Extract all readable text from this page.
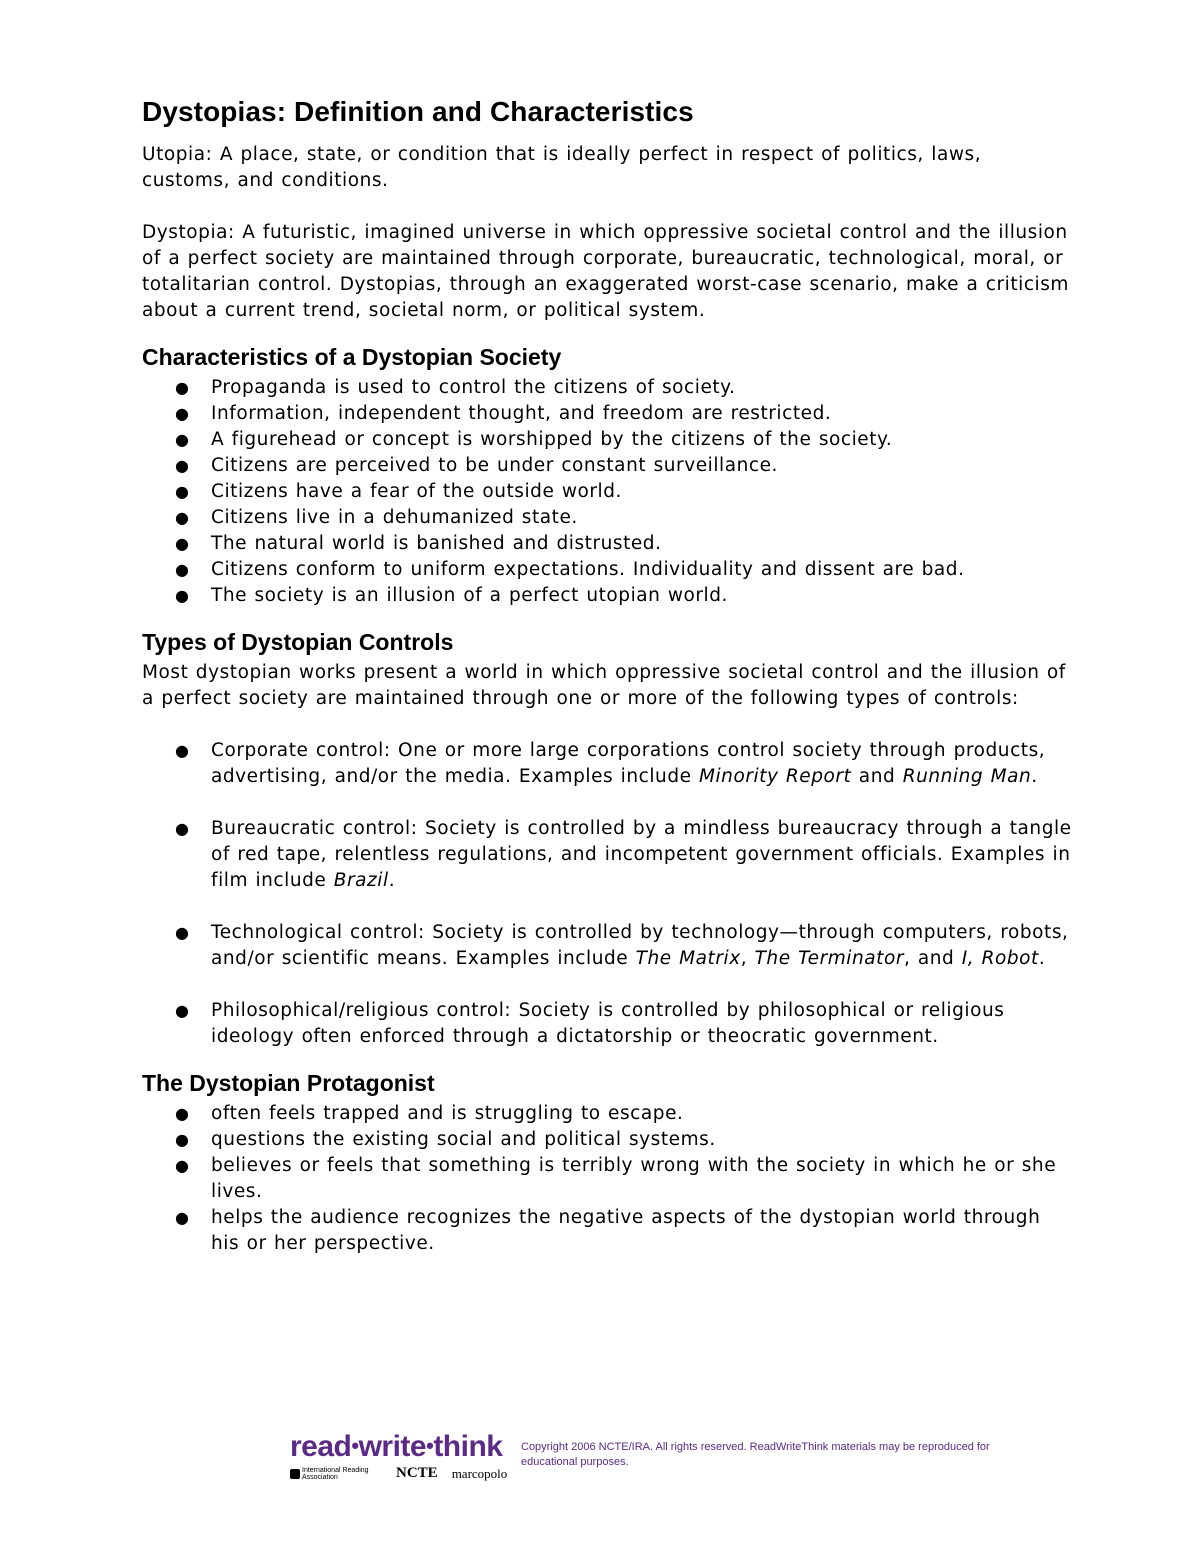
Dystopias: Definition and Characteristics

Utopia: A place, state, or condition that is ideally perfect in respect of politics, laws, customs, and conditions.

Dystopia: A futuristic, imagined universe in which oppressive societal control and the illusion of a perfect society are maintained through corporate, bureaucratic, technological, moral, or totalitarian control. Dystopias, through an exaggerated worst-case scenario, make a criticism about a current trend, societal norm, or political system.

Characteristics of a Dystopian Society
● Propaganda is used to control the citizens of society.
● Information, independent thought, and freedom are restricted.
● A figurehead or concept is worshipped by the citizens of the society.
● Citizens are perceived to be under constant surveillance.
● Citizens have a fear of the outside world.
● Citizens live in a dehumanized state.
● The natural world is banished and distrusted.
● Citizens conform to uniform expectations. Individuality and dissent are bad.
● The society is an illusion of a perfect utopian world.
Types of Dystopian Controls

Most dystopian works present a world in which oppressive societal control and the illusion of a perfect society are maintained through one or more of the following types of controls:

● Corporate control: One or more large corporations control society through products, advertising, and/or the media. Examples include Minority Report and Running Man.
● Bureaucratic control: Society is controlled by a mindless bureaucracy through a tangle of red tape, relentless regulations, and incompetent government officials. Examples in film include Brazil.
● Technological control: Society is controlled by technology—through computers, robots, and/or scientific means. Examples include The Matrix, The Terminator, and I, Robot.
● Philosophical/religious control: Society is controlled by philosophical or religious ideology often enforced through a dictatorship or theocratic government.
The Dystopian Protagonist
● often feels trapped and is struggling to escape.
● questions the existing social and political systems.
● believes or feels that something is terribly wrong with the society in which he or she lives.
● helps the audience recognizes the negative aspects of the dystopian world through his or her perspective.
read•write•think
International Reading Association	NCTE marcopolo
Copyright 2006 NCTE/IRA. All rights reserved. ReadWriteThink materials may be reproduced for educational purposes.
